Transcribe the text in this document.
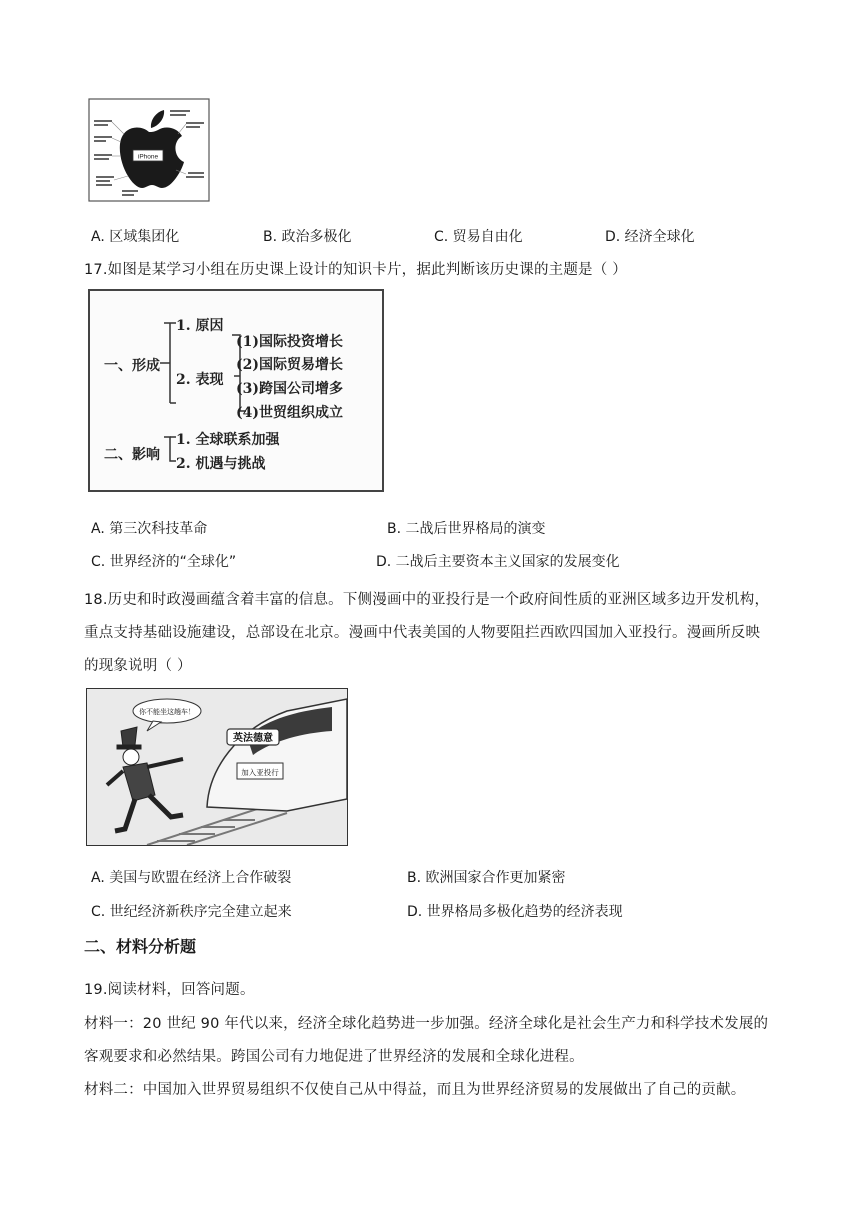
iPhone
A. 区域集团化	B. 政治多极化	C. 贸易自由化	D. 经济全球化
17.如图是某学习小组在历史课上设计的知识卡片，据此判断该历史课的主题是（ ）
1. 原因
一、形成
2. 表现
(1)国际投资增长
(2)国际贸易增长
(3)跨国公司增多
(4)世贸组织成立
二、影响
1. 全球联系加强
2. 机遇与挑战
A. 第三次科技革命	B. 二战后世界格局的演变
C. 世界经济的“全球化”	D. 二战后主要资本主义国家的发展变化
18.历史和时政漫画蕴含着丰富的信息。下侧漫画中的亚投行是一个政府间性质的亚洲区域多边开发机构，
重点支持基础设施建设，总部设在北京。漫画中代表美国的人物要阻拦西欧四国加入亚投行。漫画所反映
的现象说明（ ）
英法德意
加入亚投行
你不能坐这趟车！
A. 美国与欧盟在经济上合作破裂	B. 欧洲国家合作更加紧密
C. 世纪经济新秩序完全建立起来	D. 世界格局多极化趋势的经济表现
二、材料分析题
19.阅读材料，回答问题。
材料一：20 世纪 90 年代以来，经济全球化趋势进一步加强。经济全球化是社会生产力和科学技术发展的
客观要求和必然结果。跨国公司有力地促进了世界经济的发展和全球化进程。
材料二：中国加入世界贸易组织不仅使自己从中得益，而且为世界经济贸易的发展做出了自己的贡献。
